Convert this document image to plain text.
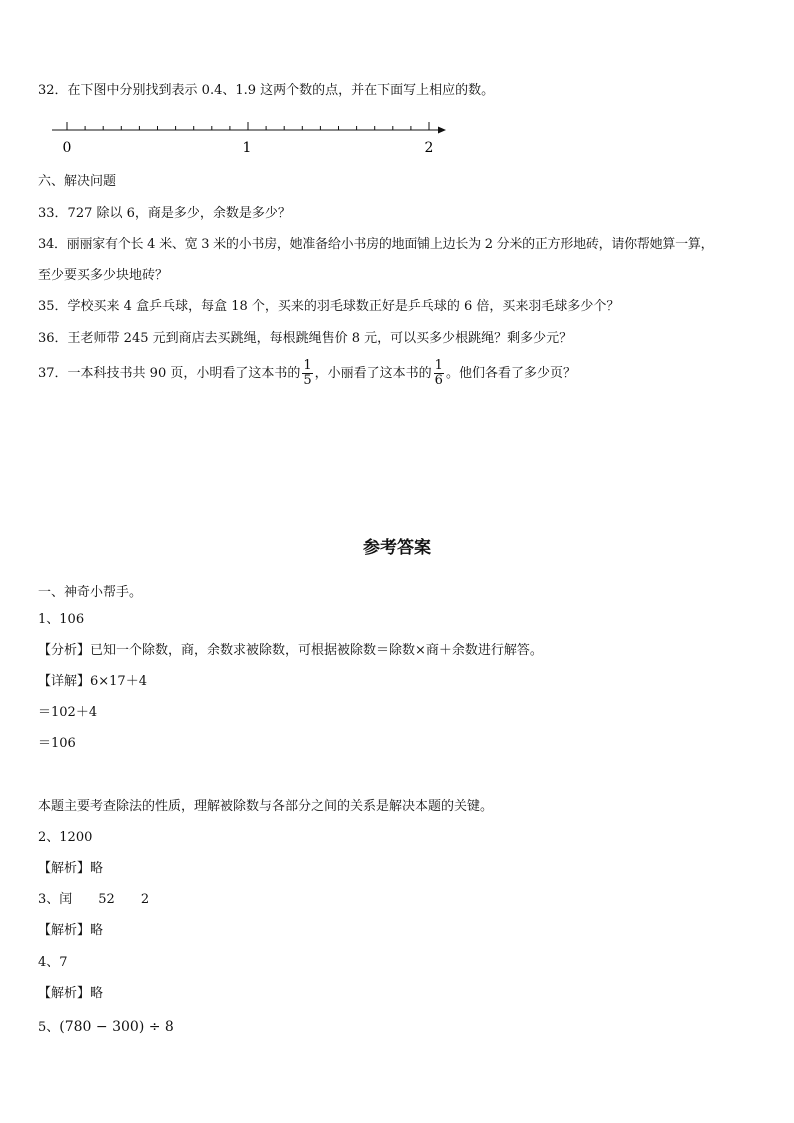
32．在下图中分别找到表示 0.4、1.9 这两个数的点，并在下面写上相应的数。
0	1	2
六、解决问题
33．727 除以 6，商是多少，余数是多少？
34．丽丽家有个长 4 米、宽 3 米的小书房，她准备给小书房的地面铺上边长为 2 分米的正方形地砖，请你帮她算一算，
至少要买多少块地砖？
35．学校买来 4 盒乒乓球，每盒 18 个，买来的羽毛球数正好是乒乓球的 6 倍，买来羽毛球多少个？
36．王老师带 245 元到商店去买跳绳，每根跳绳售价 8 元，可以买多少根跳绳？剩多少元？
37．一本科技书共 90 页，小明看了这本书的 $\frac{1}{5}$ ，小丽看了这本书的 $\frac{1}{6}$ 。他们各看了多少页？
参考答案
一、神奇小帮手。
1、106
【分析】已知一个除数，商，余数求被除数，可根据被除数＝除数×商＋余数进行解答。
【详解】6×17＋4
＝102＋4
＝106
本题主要考查除法的性质，理解被除数与各部分之间的关系是解决本题的关键。
2、1200
【解析】略
3、闰 52 2
【解析】略
4、7
【解析】略
5、(780 − 300) ÷ 8
